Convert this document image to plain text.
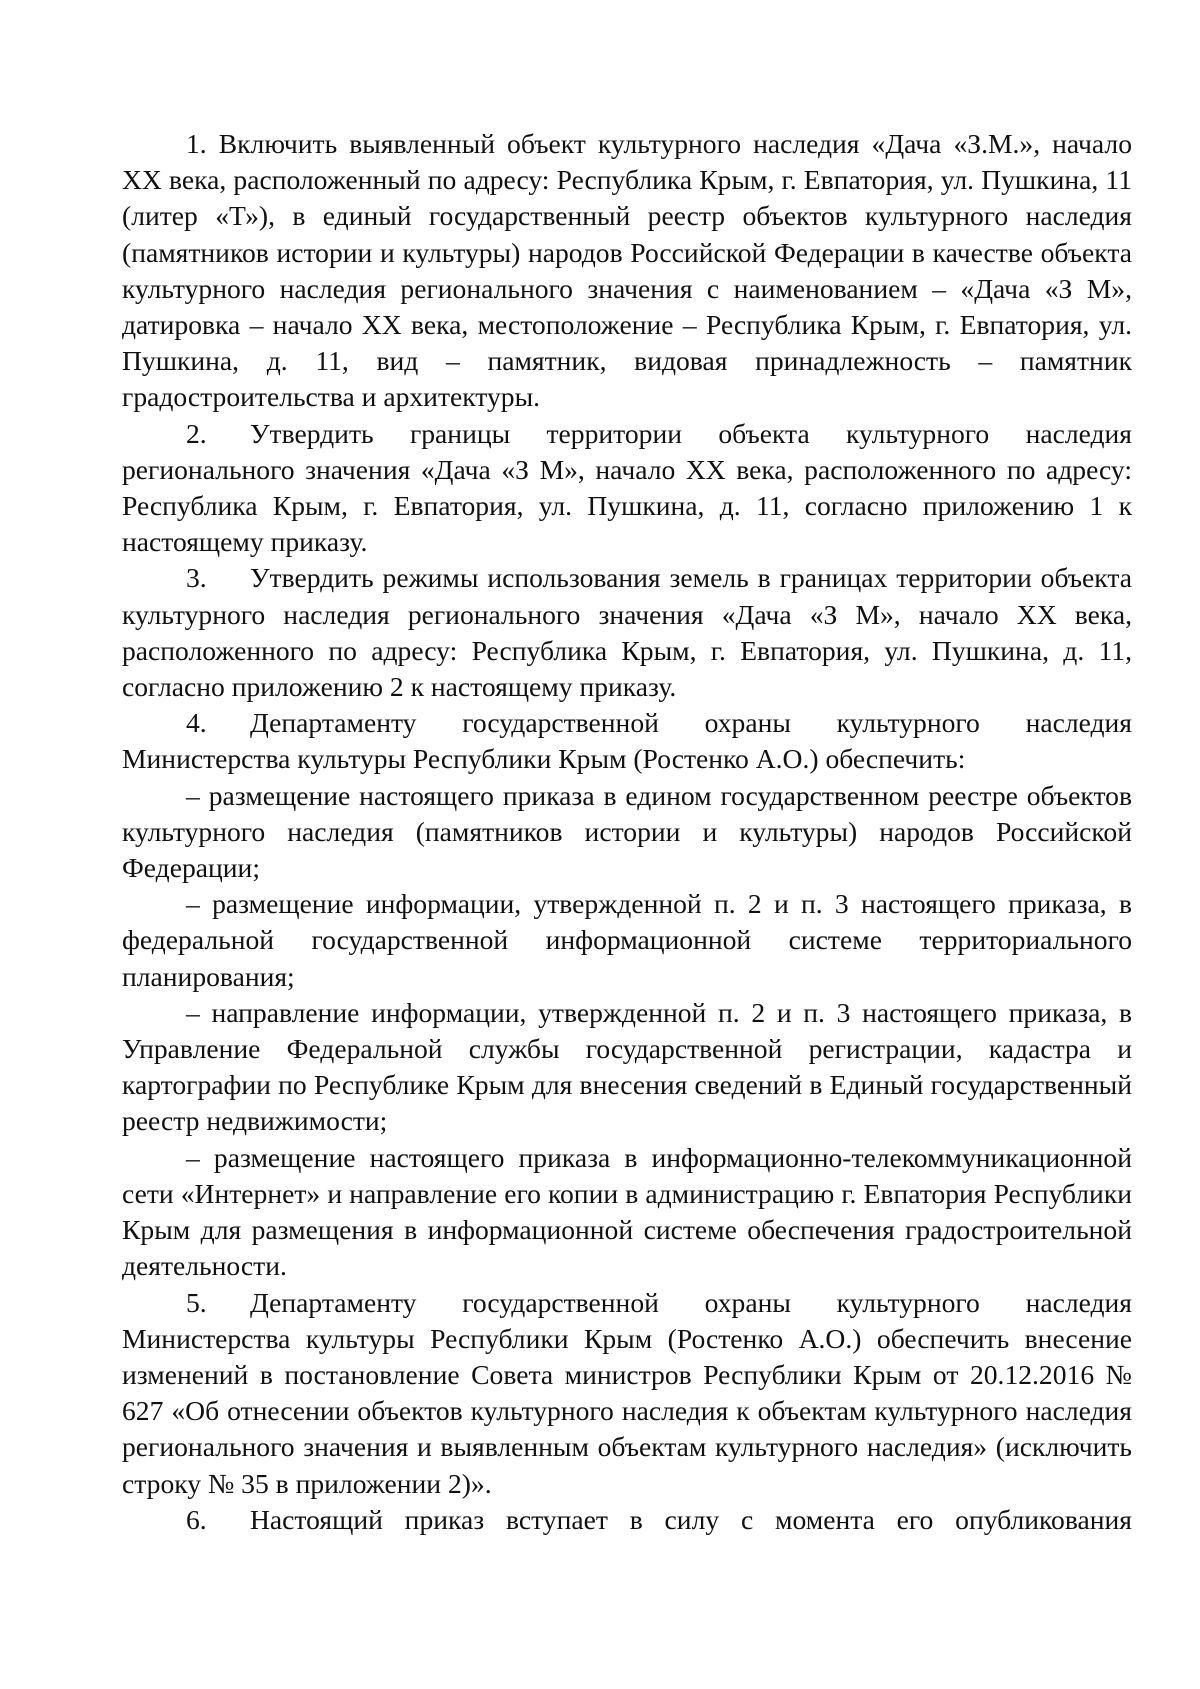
1. Включить выявленный объект культурного наследия «Дача «З.М.», начало XX века, расположенный по адресу: Республика Крым, г. Евпатория, ул. Пушкина, 11 (литер «Т»), в единый государственный реестр объектов культурного наследия (памятников истории и культуры) народов Российской Федерации в качестве объекта культурного наследия регионального значения с наименованием – «Дача «З М», датировка – начало XX века, местоположение – Республика Крым, г. Евпатория, ул. Пушкина, д. 11, вид – памятник, видовая принадлежность – памятник градостроительства и архитектуры.

2. Утвердить границы территории объекта культурного наследия регионального значения «Дача «З М», начало XX века, расположенного по адресу: Республика Крым, г. Евпатория, ул. Пушкина, д. 11, согласно приложению 1 к настоящему приказу.

3. Утвердить режимы использования земель в границах территории объекта культурного наследия регионального значения «Дача «З М», начало XX века, расположенного по адресу: Республика Крым, г. Евпатория, ул. Пушкина, д. 11, согласно приложению 2 к настоящему приказу.

4. Департаменту государственной охраны культурного наследия Министерства культуры Республики Крым (Ростенко А.О.) обеспечить:

– размещение настоящего приказа в едином государственном реестре объектов культурного наследия (памятников истории и культуры) народов Российской Федерации;

– размещение информации, утвержденной п. 2 и п. 3 настоящего приказа, в федеральной государственной информационной системе территориального планирования;

– направление информации, утвержденной п. 2 и п. 3 настоящего приказа, в Управление Федеральной службы государственной регистрации, кадастра и картографии по Республике Крым для внесения сведений в Единый государственный реестр недвижимости;

– размещение настоящего приказа в информационно-телекоммуникационной сети «Интернет» и направление его копии в администрацию г. Евпатория Республики Крым для размещения в информационной системе обеспечения градостроительной деятельности.

5. Департаменту государственной охраны культурного наследия Министерства культуры Республики Крым (Ростенко А.О.) обеспечить внесение изменений в постановление Совета министров Республики Крым от 20.12.2016 № 627 «Об отнесении объектов культурного наследия к объектам культурного наследия регионального значения и выявленным объектам культурного наследия» (исключить строку № 35 в приложении 2)».

6. Настоящий приказ вступает в силу с момента его опубликования
